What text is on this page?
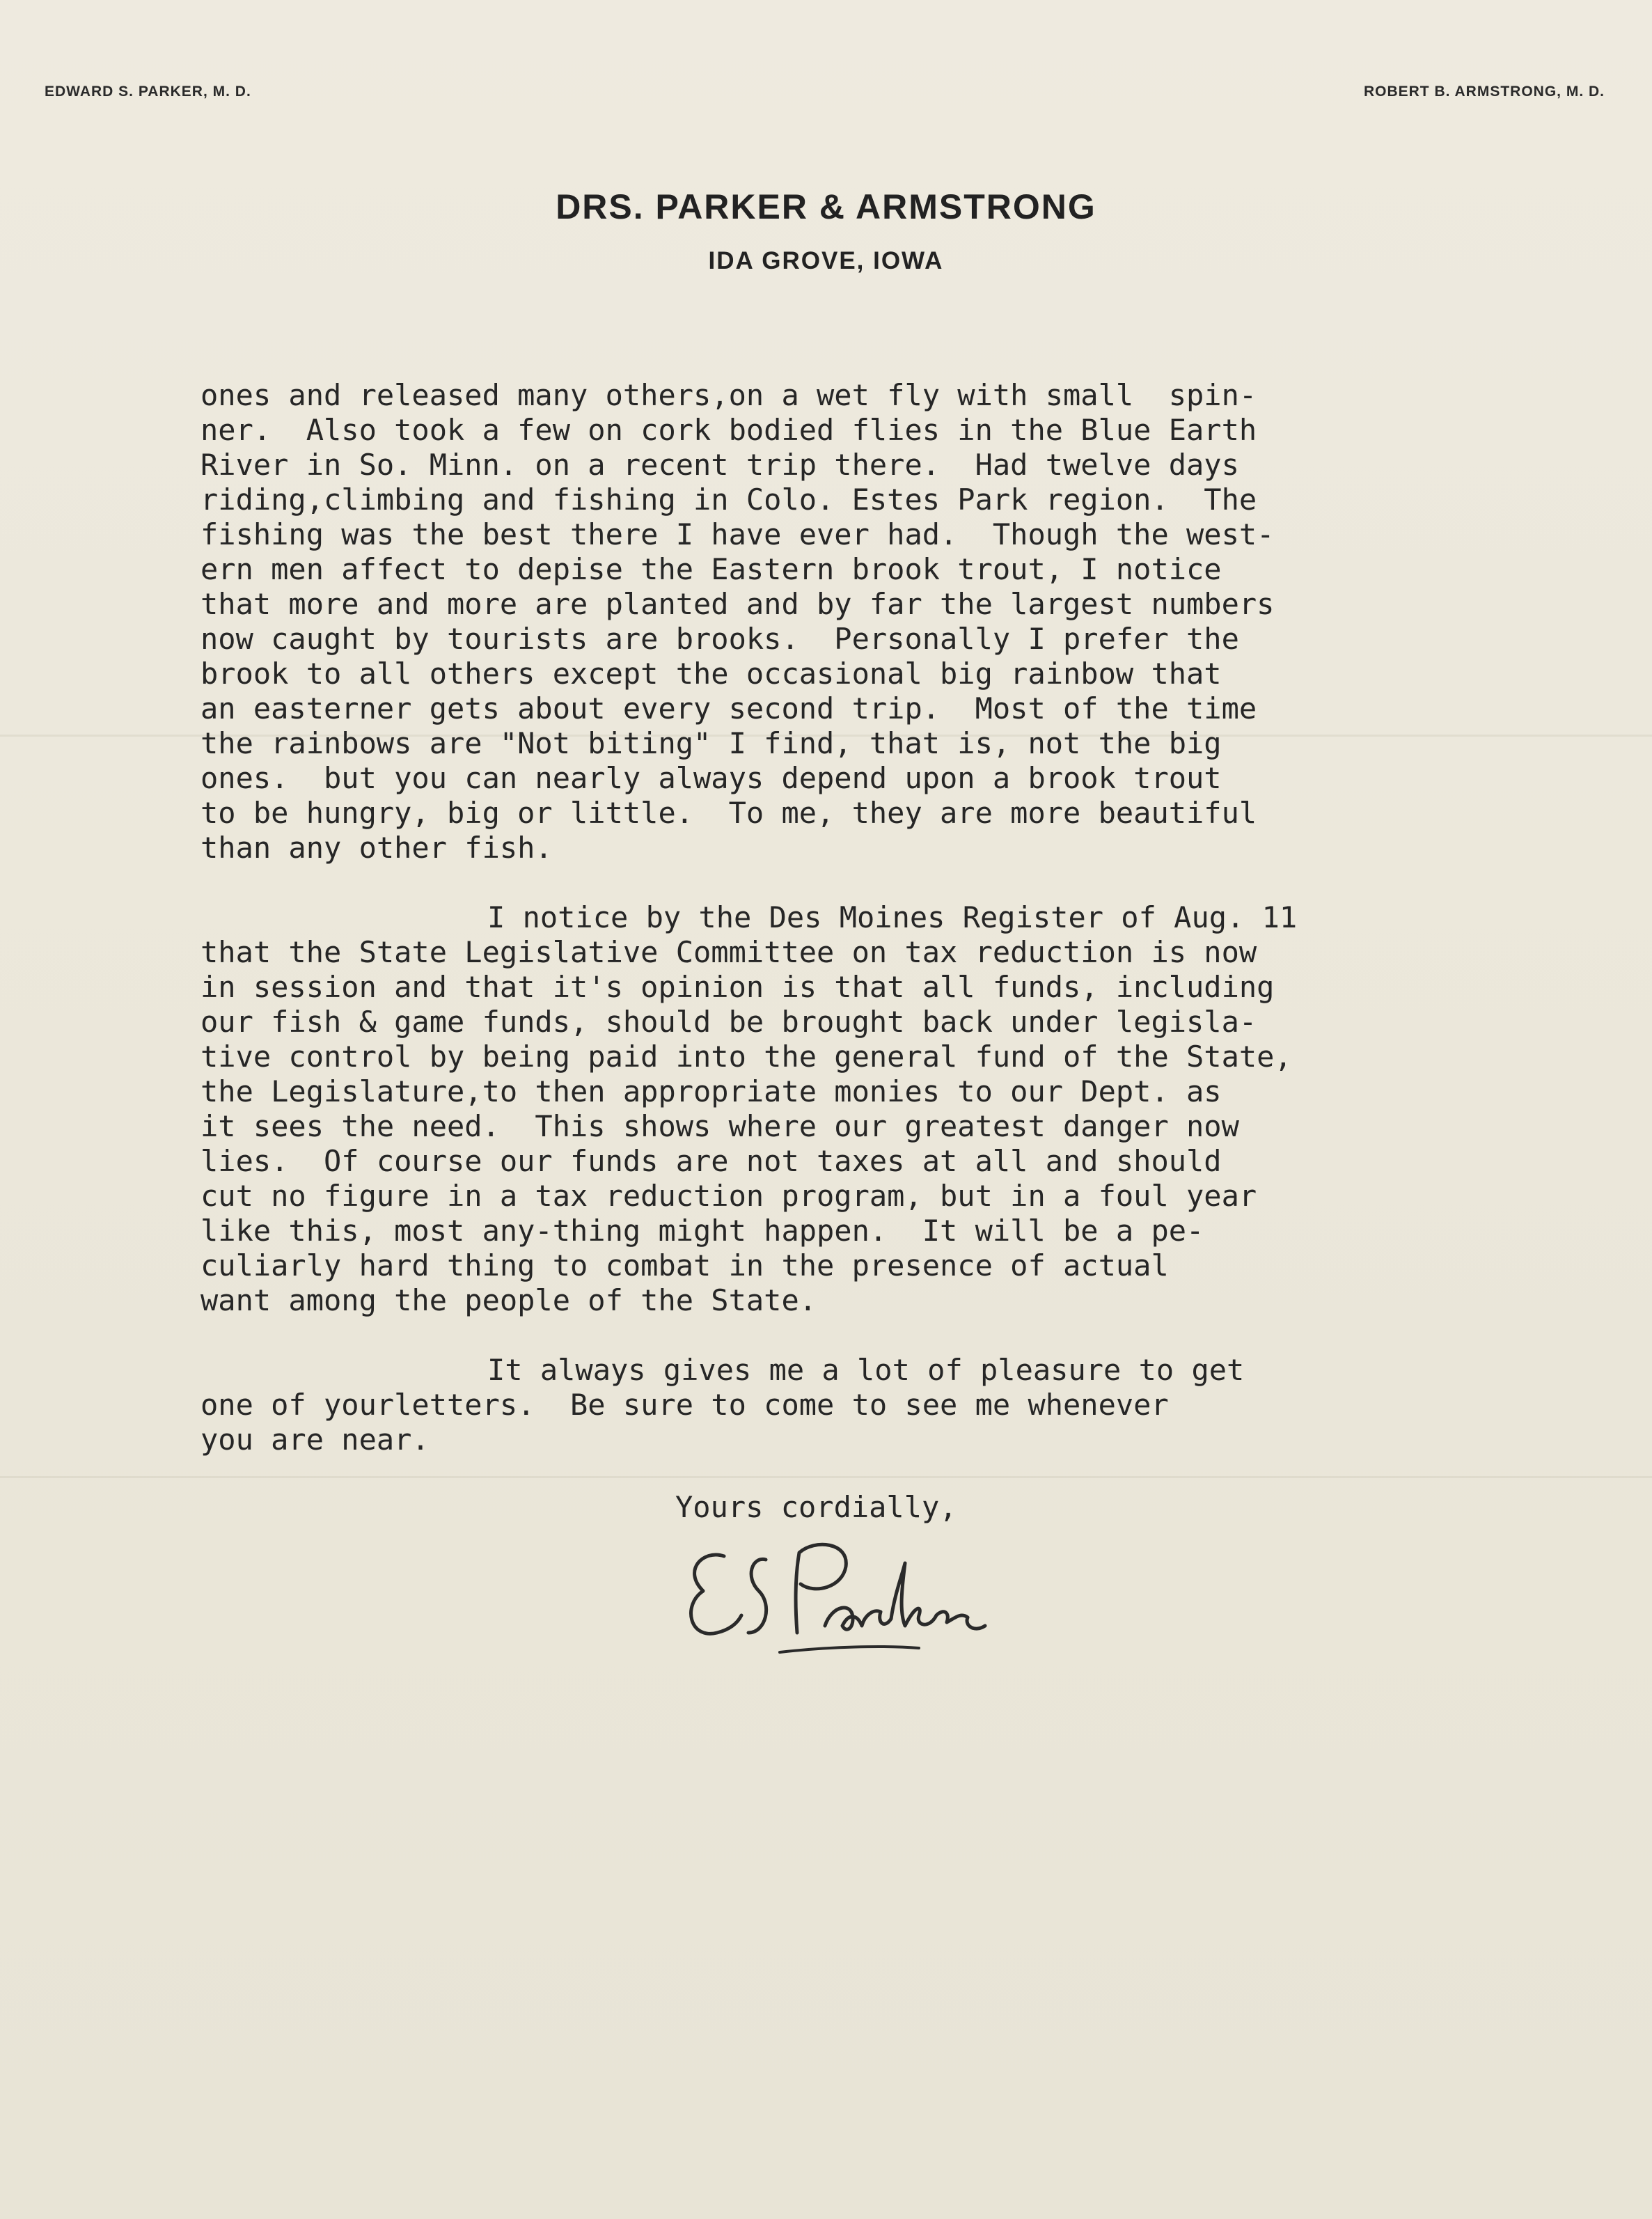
EDWARD S. PARKER, M. D.	ROBERT B. ARMSTRONG, M. D.
DRS. PARKER & ARMSTRONG
IDA GROVE, IOWA
ones and released many others,on a wet fly with small  spin-
ner.  Also took a few on cork bodied flies in the Blue Earth
River in So. Minn. on a recent trip there.  Had twelve days
riding,climbing and fishing in Colo. Estes Park region.  The
fishing was the best there I have ever had.  Though the west-
ern men affect to depise the Eastern brook trout, I notice
that more and more are planted and by far the largest numbers
now caught by tourists are brooks.  Personally I prefer the
brook to all others except the occasional big rainbow that
an easterner gets about every second trip.  Most of the time
the rainbows are "Not biting" I find, that is, not the big
ones.  but you can nearly always depend upon a brook trout
to be hungry, big or little.  To me, they are more beautiful
than any other fish.
I notice by the Des Moines Register of Aug. 11
that the State Legislative Committee on tax reduction is now
in session and that it's opinion is that all funds, including
our fish & game funds, should be brought back under legisla-
tive control by being paid into the general fund of the State,
the Legislature,to then appropriate monies to our Dept. as
it sees the need.  This shows where our greatest danger now
lies.  Of course our funds are not taxes at all and should
cut no figure in a tax reduction program, but in a foul year
like this, most any-thing might happen.  It will be a pe-
culiarly hard thing to combat in the presence of actual
want among the people of the State.
It always gives me a lot of pleasure to get
one of yourletters.  Be sure to come to see me whenever
you are near.
Yours cordially,
